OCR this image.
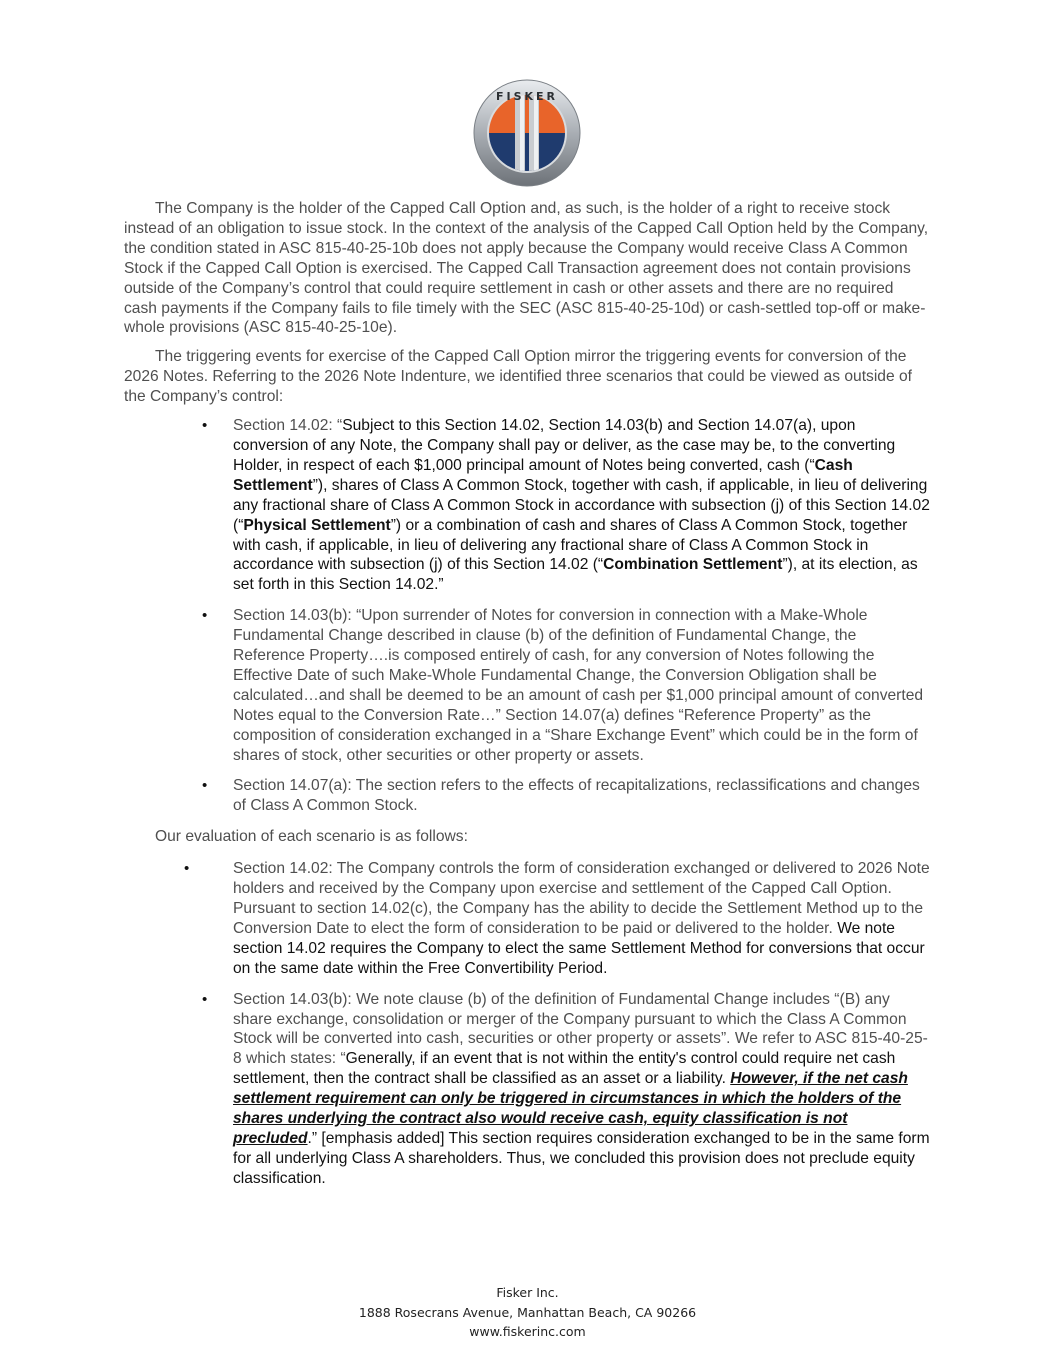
FISKER

The Company is the holder of the Capped Call Option and, as such, is the holder of a right to receive stock instead of an obligation to issue stock. In the context of the analysis of the Capped Call Option held by the Company, the condition stated in ASC 815-40-25-10b does not apply because the Company would receive Class A Common Stock if the Capped Call Option is exercised. The Capped Call Transaction agreement does not contain provisions outside of the Company’s control that could require settlement in cash or other assets and there are no required cash payments if the Company fails to file timely with the SEC (ASC 815-40-25-10d) or cash-settled top-off or make-whole provisions (ASC 815-40-25-10e).

The triggering events for exercise of the Capped Call Option mirror the triggering events for conversion of the 2026 Notes. Referring to the 2026 Note Indenture, we identified three scenarios that could be viewed as outside of the Company’s control:

• Section 14.02: “Subject to this Section 14.02, Section 14.03(b) and Section 14.07(a), upon conversion of any Note, the Company shall pay or deliver, as the case may be, to the converting Holder, in respect of each $1,000 principal amount of Notes being converted, cash (“Cash Settlement”), shares of Class A Common Stock, together with cash, if applicable, in lieu of delivering any fractional share of Class A Common Stock in accordance with subsection (j) of this Section 14.02 (“Physical Settlement”) or a combination of cash and shares of Class A Common Stock, together with cash, if applicable, in lieu of delivering any fractional share of Class A Common Stock in accordance with subsection (j) of this Section 14.02 (“Combination Settlement”), at its election, as set forth in this Section 14.02.”
• Section 14.03(b): “Upon surrender of Notes for conversion in connection with a Make-Whole Fundamental Change described in clause (b) of the definition of Fundamental Change, the Reference Property….is composed entirely of cash, for any conversion of Notes following the Effective Date of such Make-Whole Fundamental Change, the Conversion Obligation shall be calculated…and shall be deemed to be an amount of cash per $1,000 principal amount of converted Notes equal to the Conversion Rate…” Section 14.07(a) defines “Reference Property” as the composition of consideration exchanged in a “Share Exchange Event” which could be in the form of shares of stock, other securities or other property or assets.
• Section 14.07(a): The section refers to the effects of recapitalizations, reclassifications and changes of Class A Common Stock.

Our evaluation of each scenario is as follows:

•	Section 14.02: The Company controls the form of consideration exchanged or delivered to 2026 Note holders and received by the Company upon exercise and settlement of the Capped Call Option. Pursuant to section 14.02(c), the Company has the ability to decide the Settlement Method up to the Conversion Date to elect the form of consideration to be paid or delivered to the holder. We note section 14.02 requires the Company to elect the same Settlement Method for conversions that occur on the same date within the Free Convertibility Period.
• Section 14.03(b): We note clause (b) of the definition of Fundamental Change includes “(B) any share exchange, consolidation or merger of the Company pursuant to which the Class A Common Stock will be converted into cash, securities or other property or assets”. We refer to ASC 815-40-25-8 which states: “Generally, if an event that is not within the entity's control could require net cash settlement, then the contract shall be classified as an asset or a liability. However, if the net cash settlement requirement can only be triggered in circumstances in which the holders of the shares underlying the contract also would receive cash, equity classification is not precluded.” [emphasis added] This section requires consideration exchanged to be in the same form for all underlying Class A shareholders. Thus, we concluded this provision does not preclude equity classification.
Fisker Inc.
1888 Rosecrans Avenue, Manhattan Beach, CA 90266
www.fiskerinc.com
